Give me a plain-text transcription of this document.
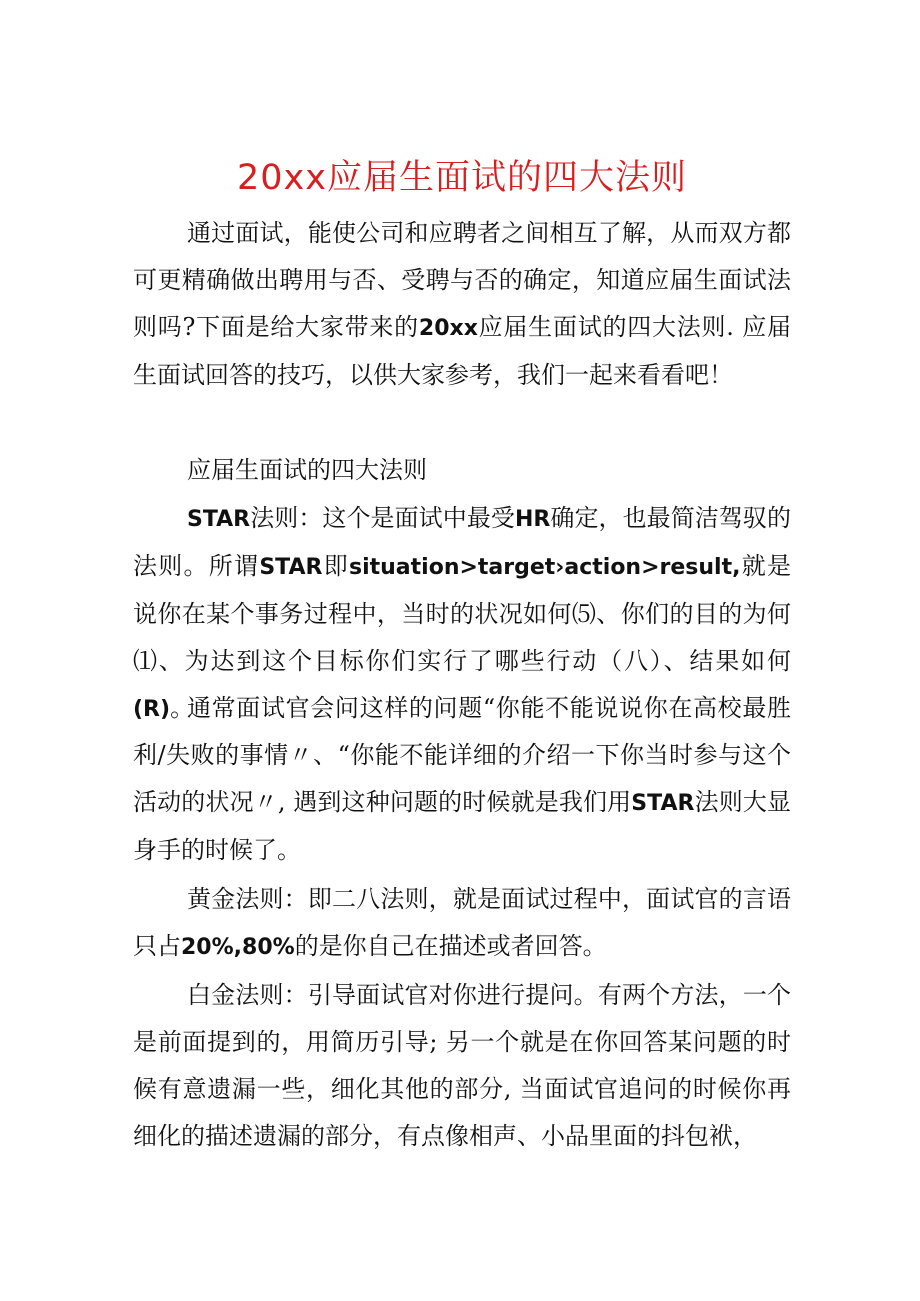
20xx应届生面试的四大法则

通过面试，能使公司和应聘者之间相互了解，从而双方都可更精确做出聘用与否、受聘与否的确定，知道应届生面试法则吗?下面是给大家带来的20xx应届生面试的四大法则. 应届生面试回答的技巧，以供大家参考，我们一起来看看吧！

应届生面试的四大法则

STAR法则：这个是面试中最受HR确定，也最简洁驾驭的法则。所谓STAR即situation>target›action>result,就是说你在某个事务过程中，当时的状况如何⑸、你们的目的为何⑴、为达到这个目标你们实行了哪些行动（八）、结果如何(R)。

通常面试官会问这样的问题“你能不能说说你在高校最胜利/失败的事情〃、“你能不能详细的介绍一下你当时参与这个活动的状况〃, 遇到这种问题的时候就是我们用STAR法则大显身手的时候了。

黄金法则：即二八法则，就是面试过程中，面试官的言语只占20%,80%的是你自己在描述或者回答。

白金法则：引导面试官对你进行提问。有两个方法，一个是前面提到的，用简历引导; 另一个就是在你回答某问题的时候有意遗漏一些，细化其他的部分, 当面试官追问的时候你再细化的描述遗漏的部分，有点像相声、小品里面的抖包袱，
